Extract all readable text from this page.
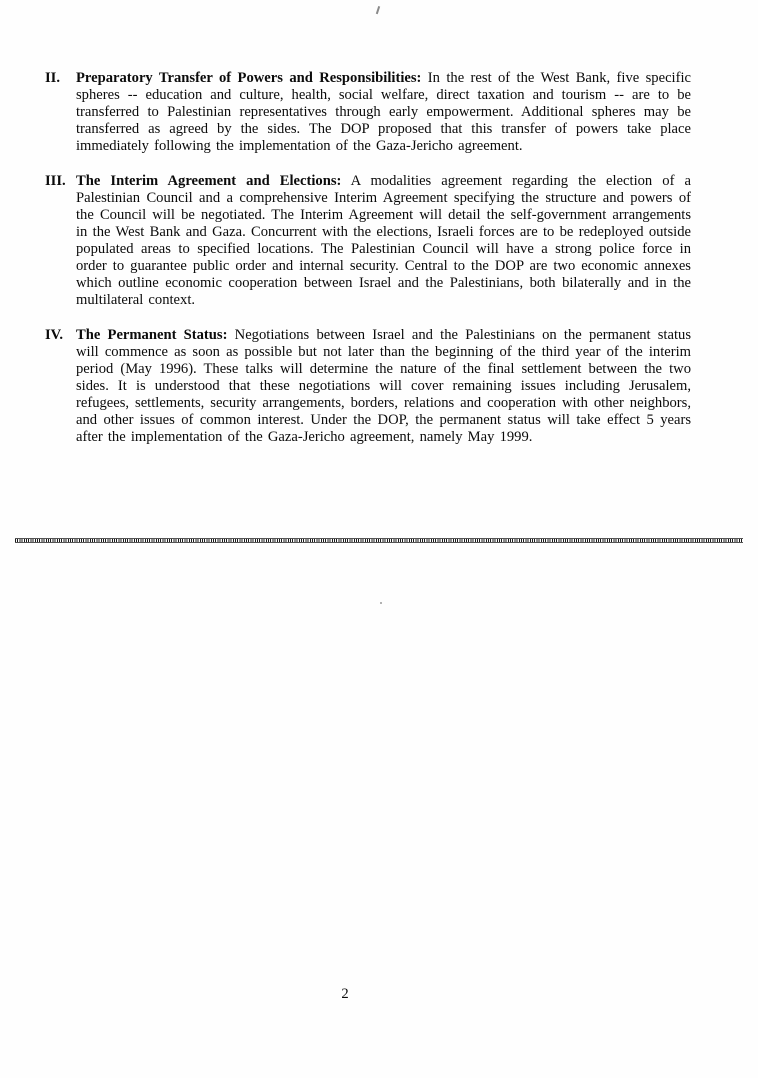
II.	Preparatory Transfer of Powers and Responsibilities: In the rest of the West Bank, five specific spheres -- education and culture, health, social welfare, direct taxation and tourism -- are to be transferred to Palestinian representatives through early empowerment. Additional spheres may be transferred as agreed by the sides. The DOP proposed that this transfer of powers take place immediately following the implementation of the Gaza-Jericho agreement.

III. The Interim Agreement and Elections: A modalities agreement regarding the election of a Palestinian Council and a comprehensive Interim Agreement specifying the structure and powers of the Council will be negotiated. The Interim Agreement will detail the self-government arrangements in the West Bank and Gaza. Concurrent with the elections, Israeli forces are to be redeployed outside populated areas to specified locations. The Palestinian Council will have a strong police force in order to guarantee public order and internal security. Central to the DOP are two economic annexes which outline economic cooperation between Israel and the Palestinians, both bilaterally and in the multilateral context.

IV. The Permanent Status: Negotiations between Israel and the Palestinians on the permanent status will commence as soon as possible but not later than the beginning of the third year of the interim period (May 1996). These talks will determine the nature of the final settlement between the two sides. It is understood that these negotiations will cover remaining issues including Jerusalem, refugees, settlements, security arrangements, borders, relations and cooperation with other neighbors, and other issues of common interest. Under the DOP, the permanent status will take effect 5 years after the implementation of the Gaza-Jericho agreement, namely May 1999.

2
